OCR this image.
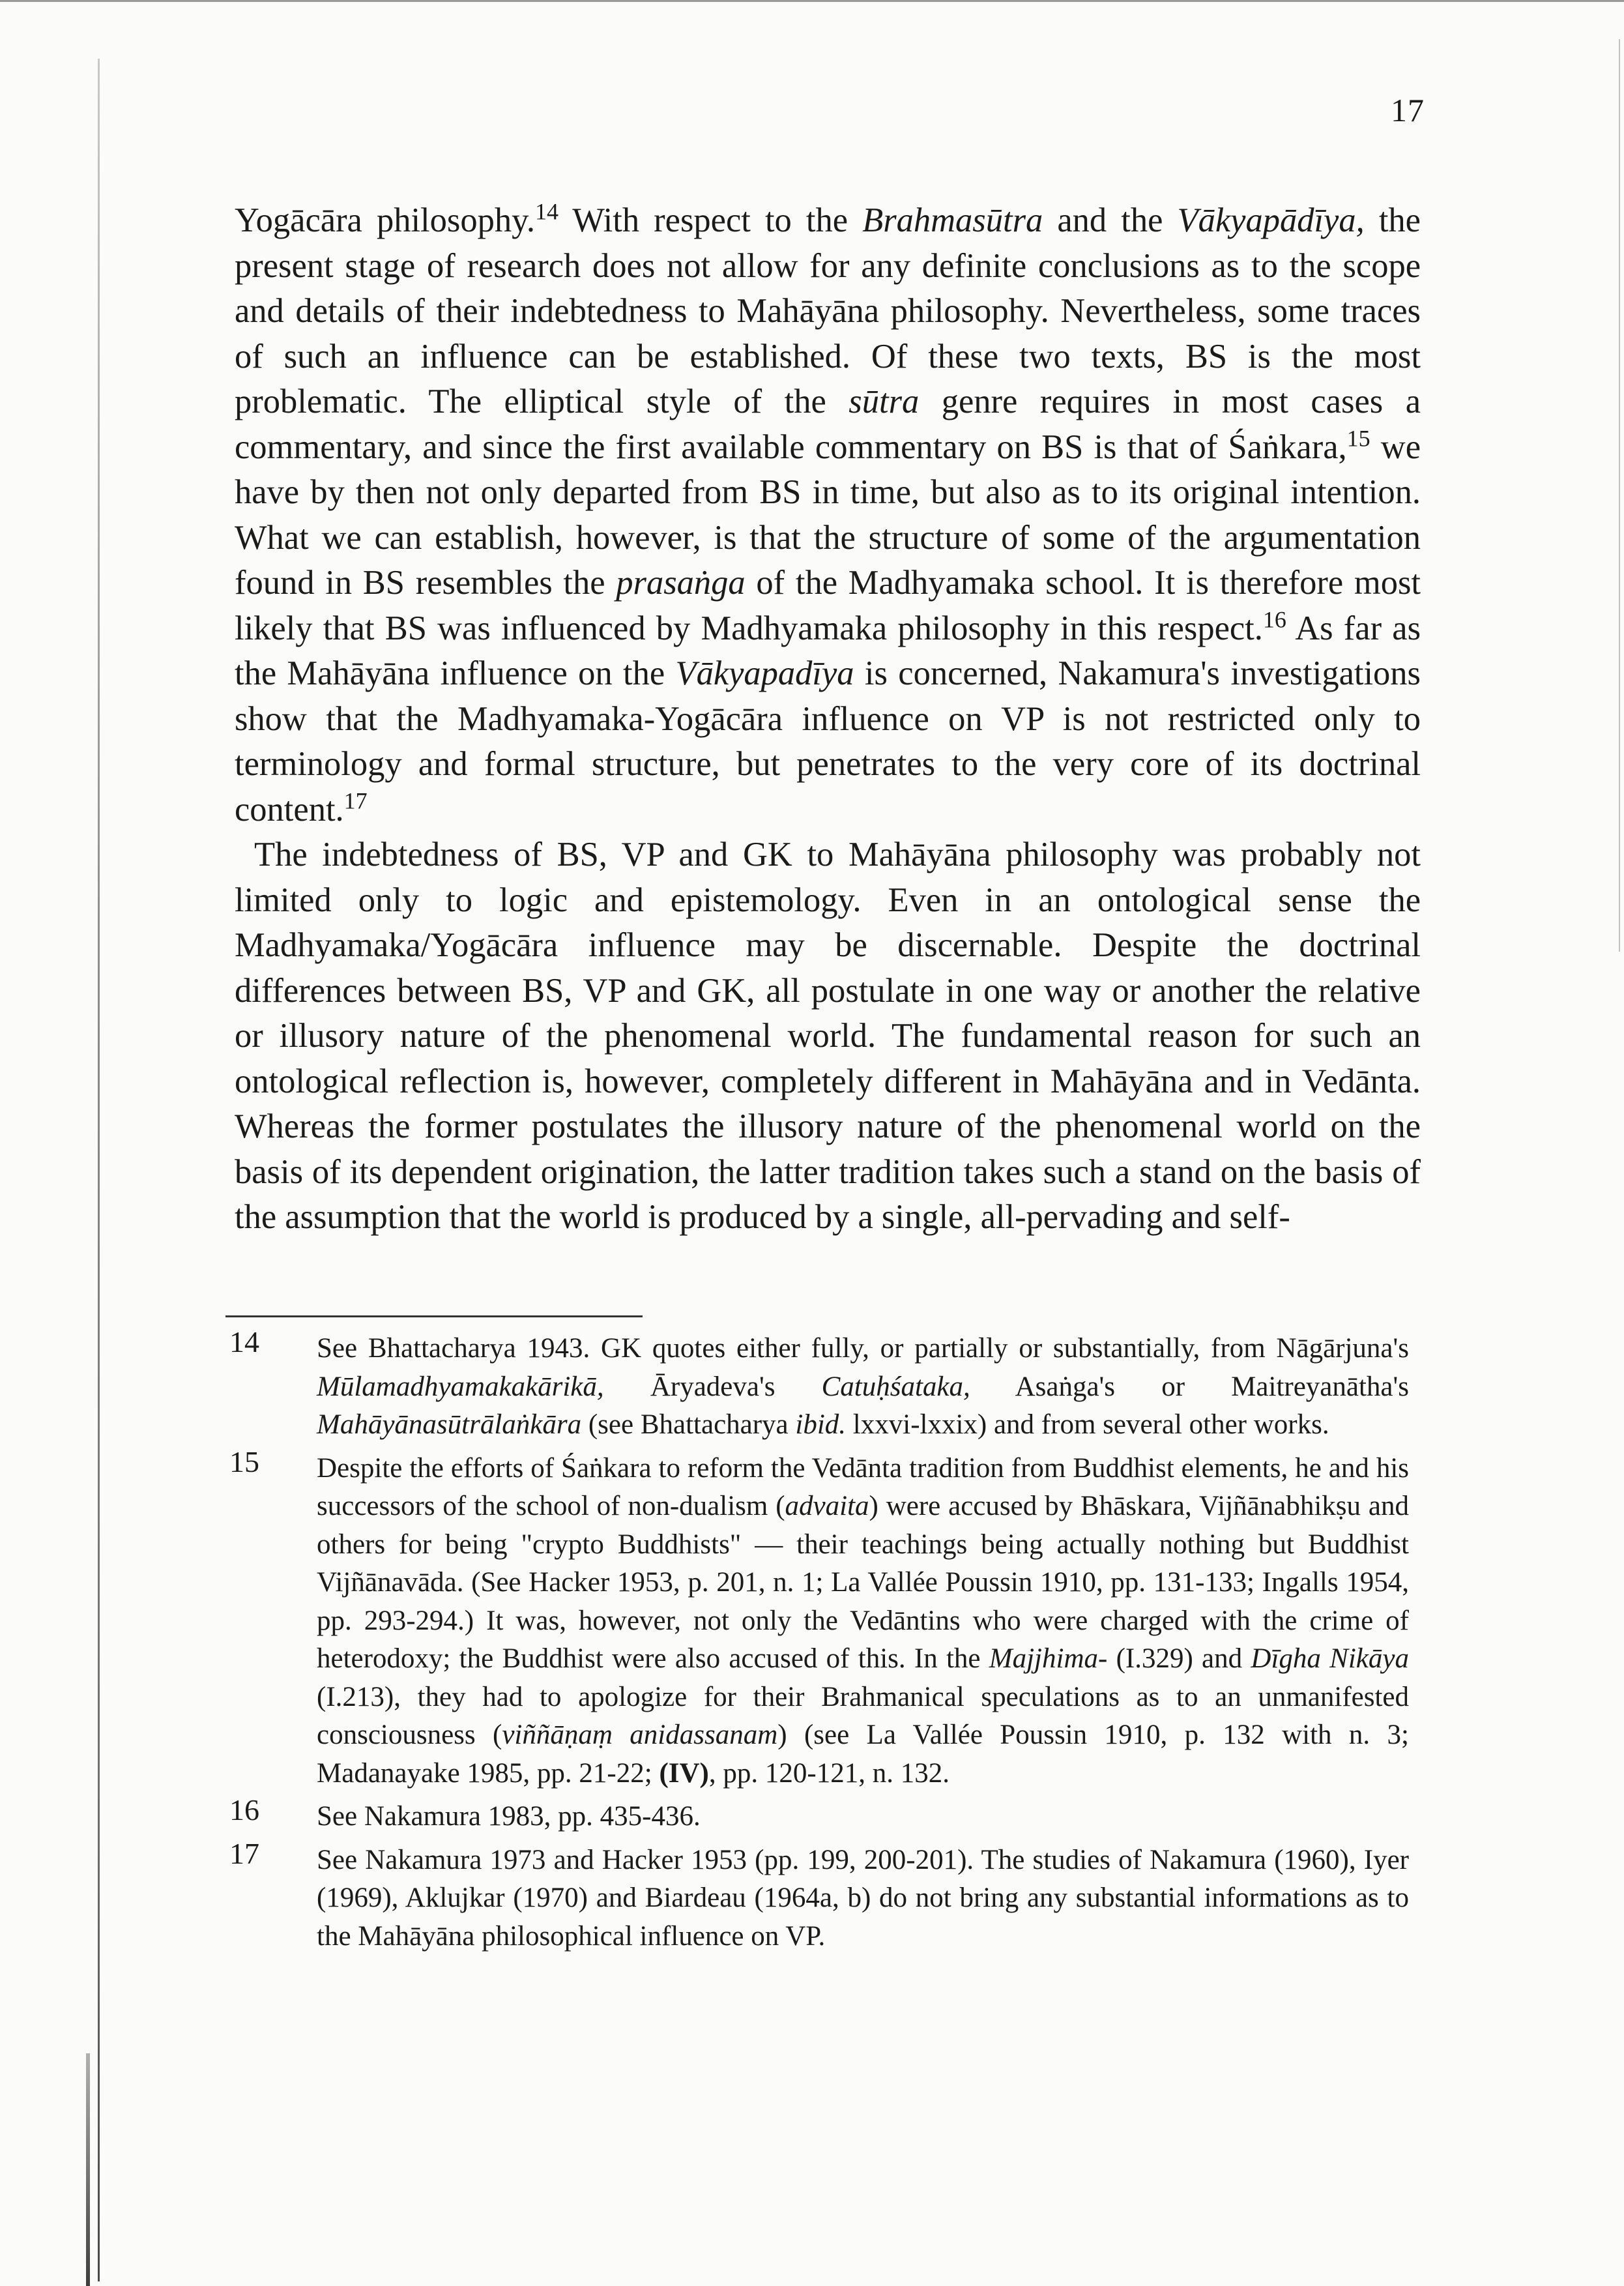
17

Yogācāra philosophy.$^{14}$ With respect to the Brahmasūtra and the Vākyapādīya, the present stage of research does not allow for any definite conclusions as to the scope and details of their indebtedness to Mahāyāna philosophy. Nevertheless, some traces of such an influence can be established. Of these two texts, BS is the most problematic. The elliptical style of the sūtra genre requires in most cases a commentary, and since the first available commentary on BS is that of Śaṅkara,$^{15}$ we have by then not only departed from BS in time, but also as to its original intention. What we can establish, however, is that the structure of some of the argumentation found in BS resembles the prasaṅga of the Madhyamaka school. It is therefore most likely that BS was influenced by Madhyamaka philosophy in this respect.$^{16}$ As far as the Mahāyāna influence on the Vākyapadīya is concerned, Nakamura's investigations show that the Madhyamaka-Yogācāra influence on VP is not restricted only to terminology and formal structure, but penetrates to the very core of its doctrinal content.$^{17}$

The indebtedness of BS, VP and GK to Mahāyāna philosophy was probably not limited only to logic and epistemology. Even in an ontological sense the Madhyamaka/Yogācāra influence may be discernable. Despite the doctrinal differences between BS, VP and GK, all postulate in one way or another the relative or illusory nature of the phenomenal world. The fundamental reason for such an ontological reflection is, however, completely different in Mahāyāna and in Vedānta. Whereas the former postulates the illusory nature of the phenomenal world on the basis of its dependent origination, the latter tradition takes such a stand on the basis of the assumption that the world is produced by a single, all-pervading and self-

14 See Bhattacharya 1943. GK quotes either fully, or partially or substantially, from Nāgārjuna's Mūlamadhyamakakārikā, Āryadeva's Catuḥśataka, Asaṅga's or Maitreyanātha's Mahāyānasūtrālaṅkāra (see Bhattacharya ibid. lxxvi-lxxix) and from several other works.
15 Despite the efforts of Śaṅkara to reform the Vedānta tradition from Buddhist elements, he and his successors of the school of non-dualism (advaita) were accused by Bhāskara, Vijñānabhikṣu and others for being "crypto Buddhists" — their teachings being actually nothing but Buddhist Vijñānavāda. (See Hacker 1953, p. 201, n. 1; La Vallée Poussin 1910, pp. 131-133; Ingalls 1954, pp. 293-294.) It was, however, not only the Vedāntins who were charged with the crime of heterodoxy; the Buddhist were also accused of this. In the Majjhima- (I.329) and Dīgha Nikāya (I.213), they had to apologize for their Brahmanical speculations as to an unmanifested consciousness (viññāṇaṃ anidassanam) (see La Vallée Poussin 1910, p. 132 with n. 3; Madanayake 1985, pp. 21-22; (IV), pp. 120-121, n. 132.
16 See Nakamura 1983, pp. 435-436.
17 See Nakamura 1973 and Hacker 1953 (pp. 199, 200-201). The studies of Nakamura (1960), Iyer (1969), Aklujkar (1970) and Biardeau (1964a, b) do not bring any substantial informations as to the Mahāyāna philosophical influence on VP.
